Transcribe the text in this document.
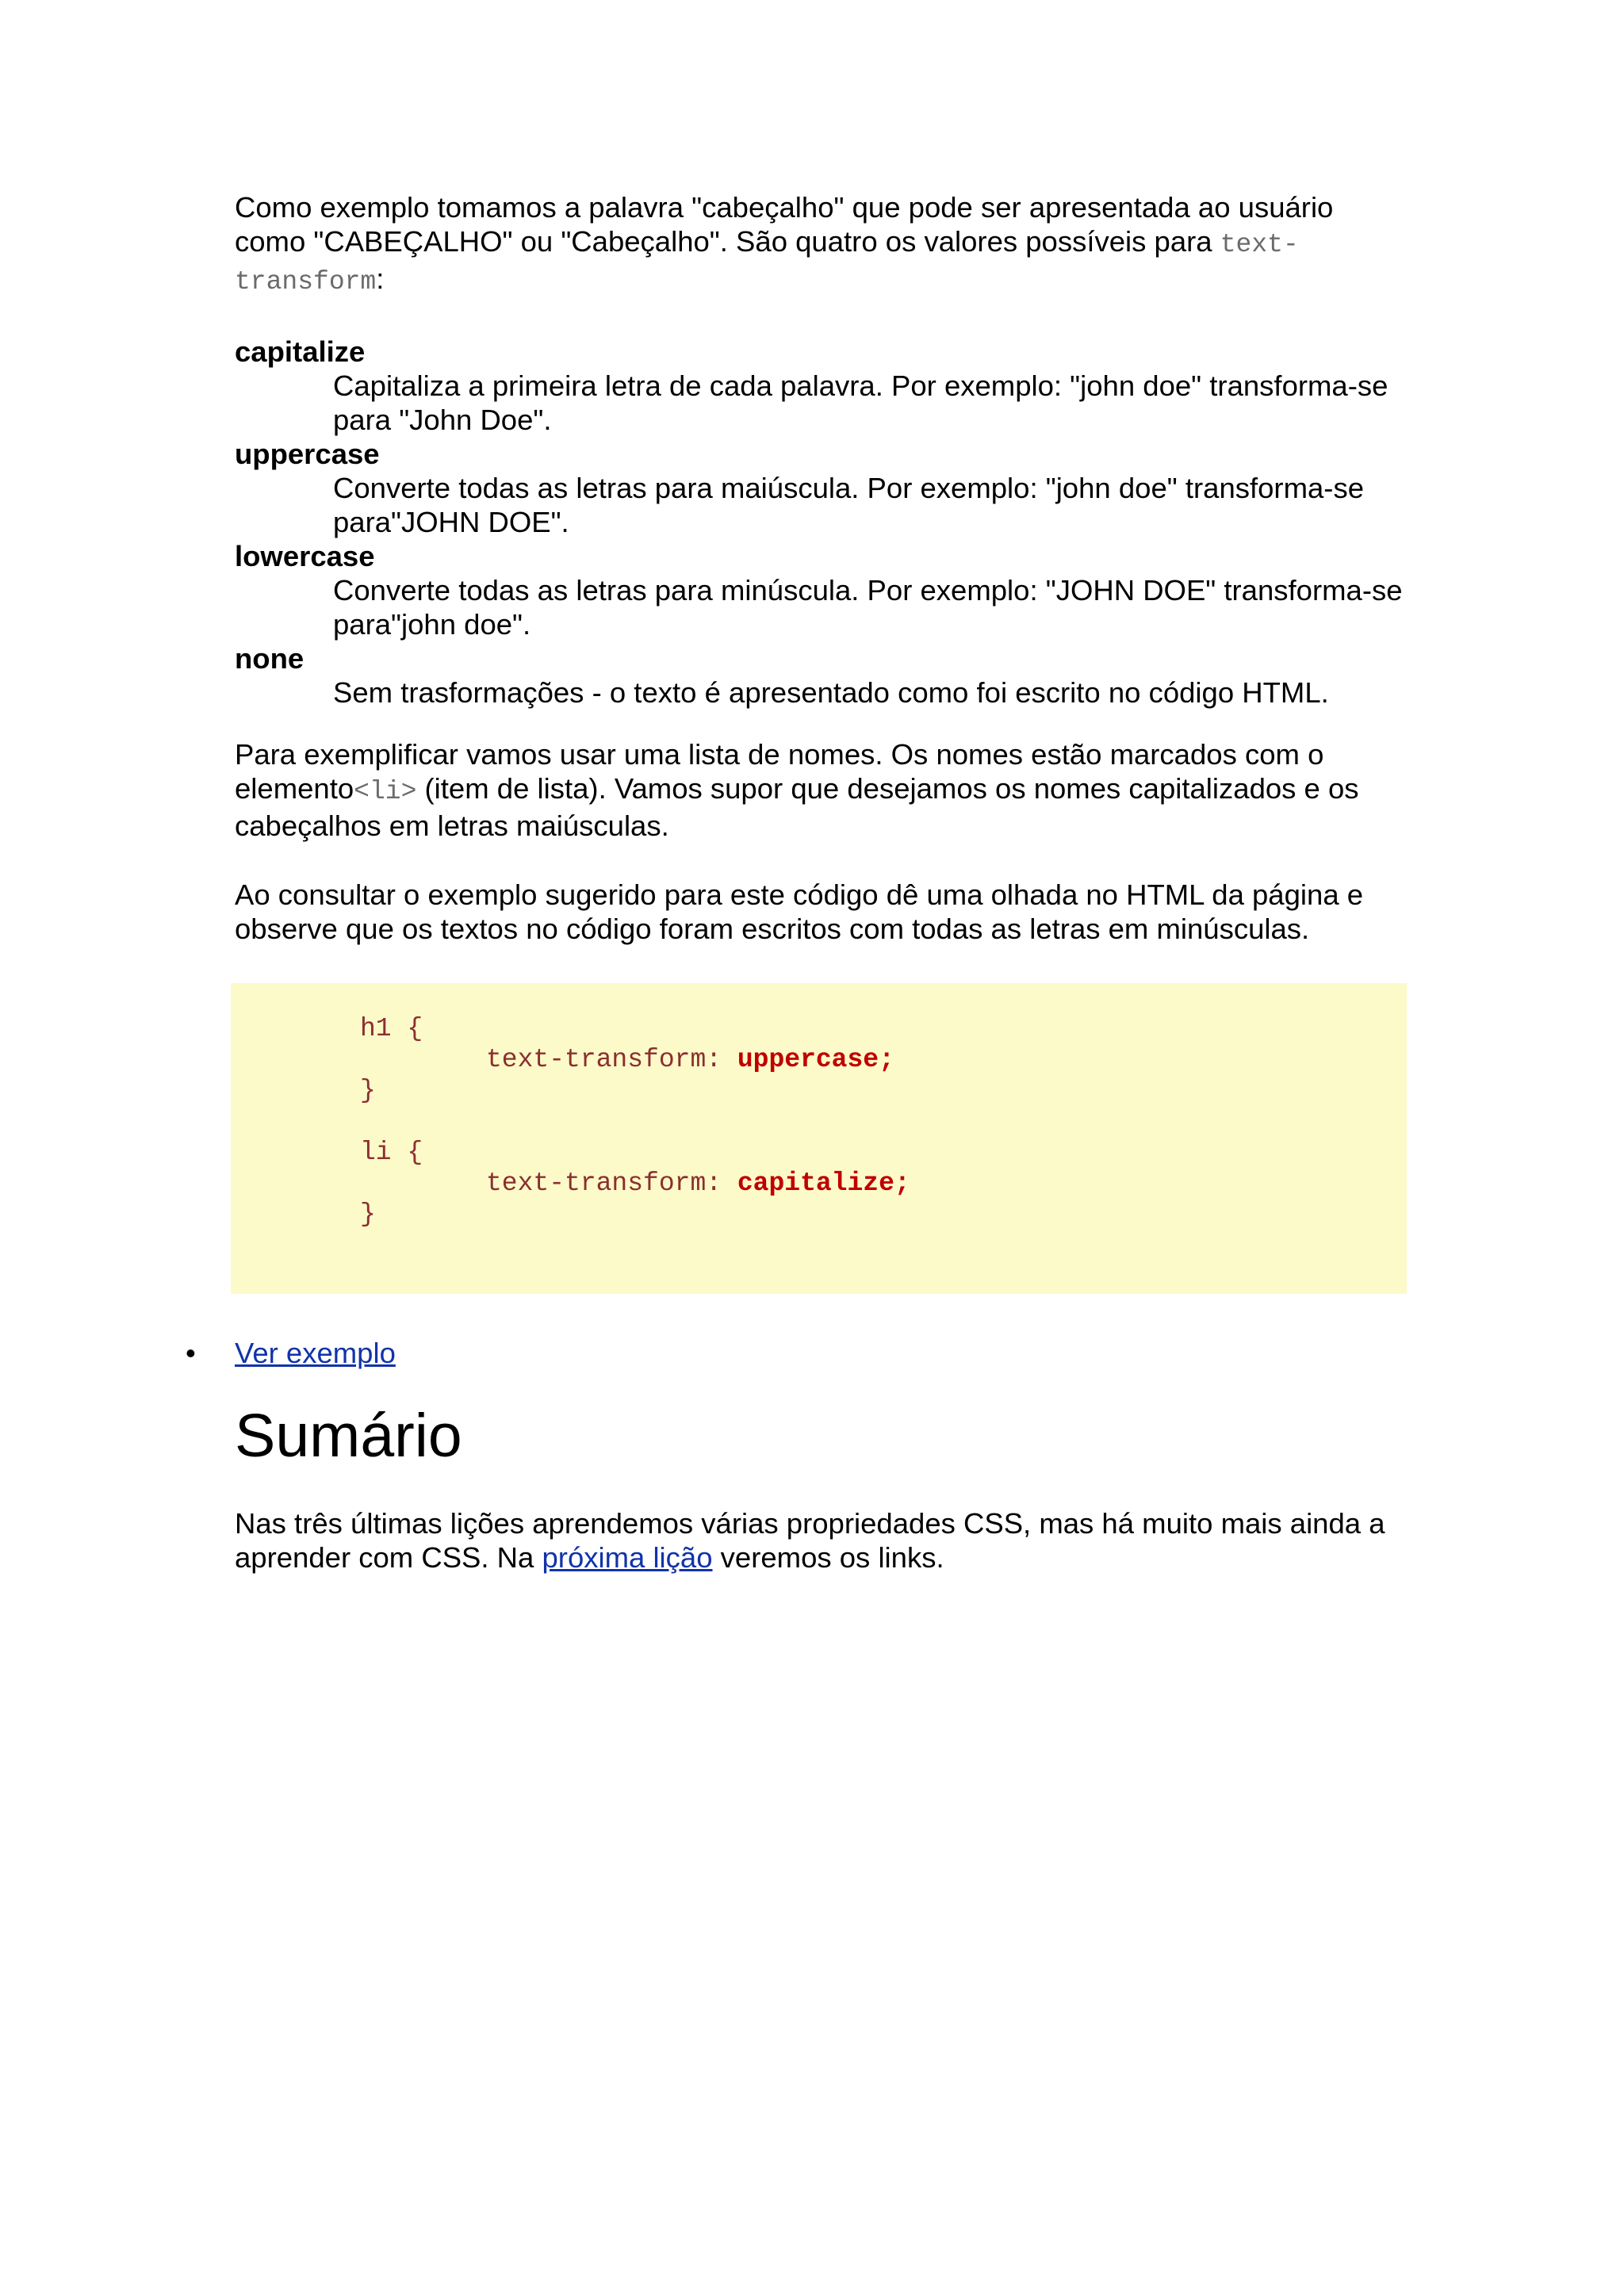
Como exemplo tomamos a palavra "cabeçalho" que pode ser apresentada ao usuário como "CABEÇALHO" ou "Cabeçalho". São quatro os valores possíveis para text-
transform:

capitalize
Capitaliza a primeira letra de cada palavra. Por exemplo: "john doe" transforma-se
para "John Doe".
uppercase
Converte todas as letras para maiúscula. Por exemplo: "john doe" transforma-se
para"JOHN DOE".
lowercase
Converte todas as letras para minúscula. Por exemplo: "JOHN DOE" transforma-se
para"john doe".
none
Sem trasformações - o texto é apresentado como foi escrito no código HTML.

Para exemplificar vamos usar uma lista de nomes. Os nomes estão marcados com o
elemento<li> (item de lista). Vamos supor que desejamos os nomes capitalizados e os
cabeçalhos em letras maiúsculas.

Ao consultar o exemplo sugerido para este código dê uma olhada no HTML da página e
observe que os textos no código foram escritos com todas as letras em minúsculas.

h1 {
text-transform: uppercase;
}
li {
text-transform: capitalize;
}
• Ver exemplo
Sumário

Nas três últimas lições aprendemos várias propriedades CSS, mas há muito mais ainda a
aprender com CSS. Na próxima lição veremos os links.
